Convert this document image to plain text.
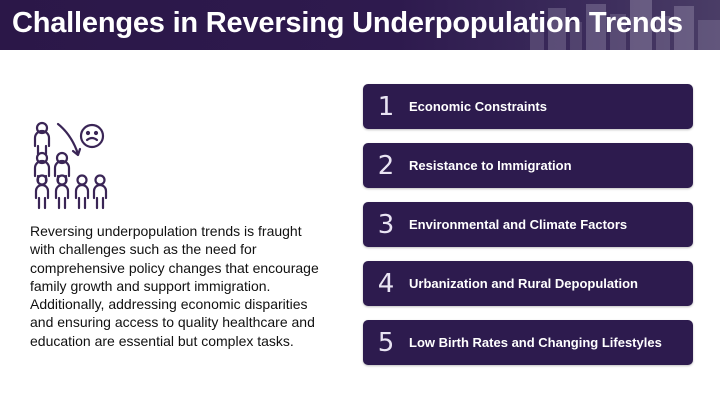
Challenges in Reversing Underpopulation Trends
Reversing underpopulation trends is fraught with challenges such as the need for comprehensive policy changes that encourage family growth and support immigration. Additionally, addressing economic disparities and ensuring access to quality healthcare and education are essential but complex tasks.
1	Economic Constraints
2	Resistance to Immigration
3	Environmental and Climate Factors
4	Urbanization and Rural Depopulation
5	Low Birth Rates and Changing Lifestyles
